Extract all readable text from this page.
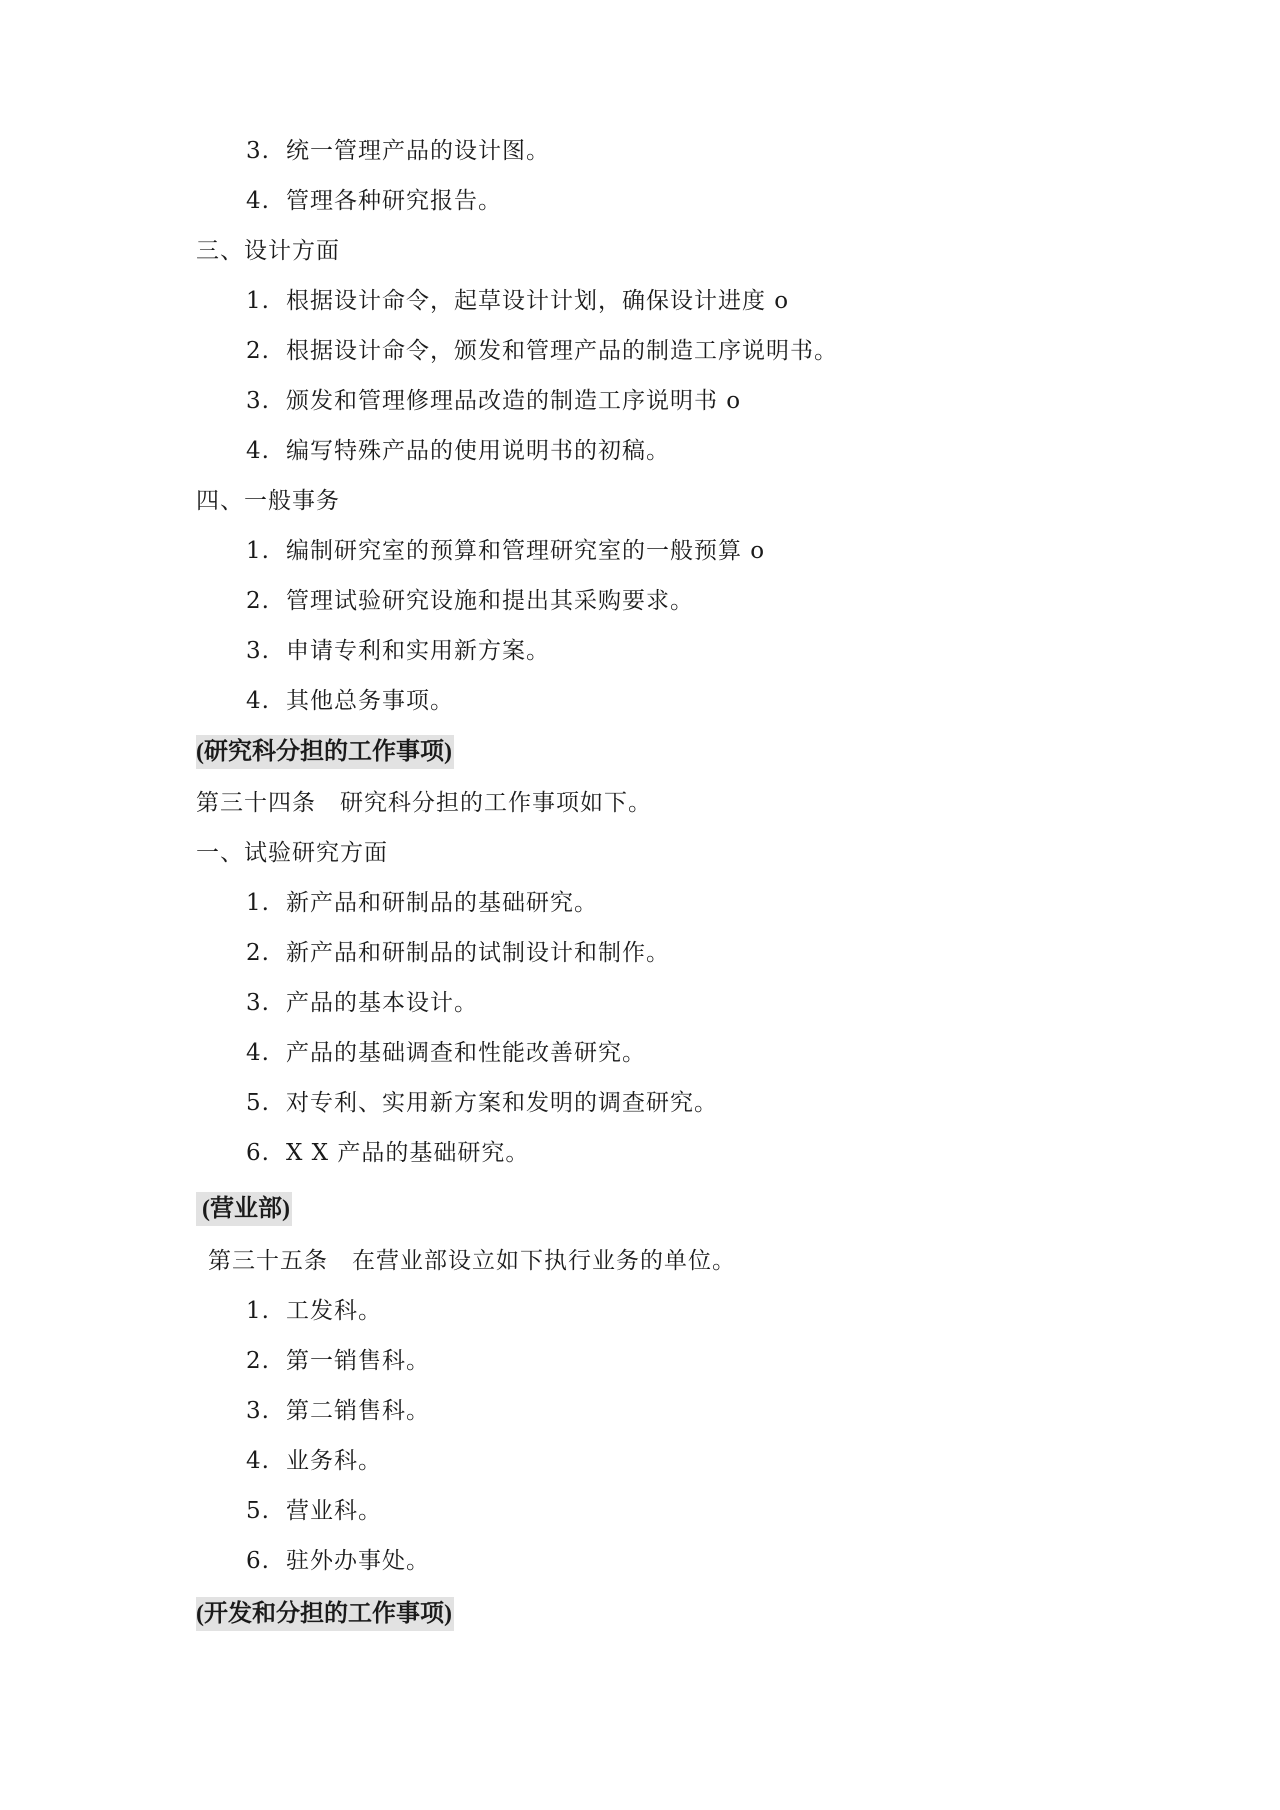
3. 统一管理产品的设计图。
4. 管理各种研究报告。
三、设计方面
1. 根据设计命令，起草设计计划，确保设计进度 o
2. 根据设计命令，颁发和管理产品的制造工序说明书。
3. 颁发和管理修理品改造的制造工序说明书 o
4. 编写特殊产品的使用说明书的初稿。
四、一般事务
1. 编制研究室的预算和管理研究室的一般预算 o
2. 管理试验研究设施和提出其采购要求。
3. 申请专利和实用新方案。
4. 其他总务事项。
(研究科分担的工作事项)
第三十四条　研究科分担的工作事项如下。
一、试验研究方面
1. 新产品和研制品的基础研究。
2. 新产品和研制品的试制设计和制作。
3. 产品的基本设计。
4. 产品的基础调查和性能改善研究。
5. 对专利、实用新方案和发明的调查研究。
6. X X 产品的基础研究。
(营业部)
第三十五条　在营业部设立如下执行业务的单位。
1. 工发科。
2. 第一销售科。
3. 第二销售科。
4. 业务科。
5. 营业科。
6. 驻外办事处。
(开发和分担的工作事项)
